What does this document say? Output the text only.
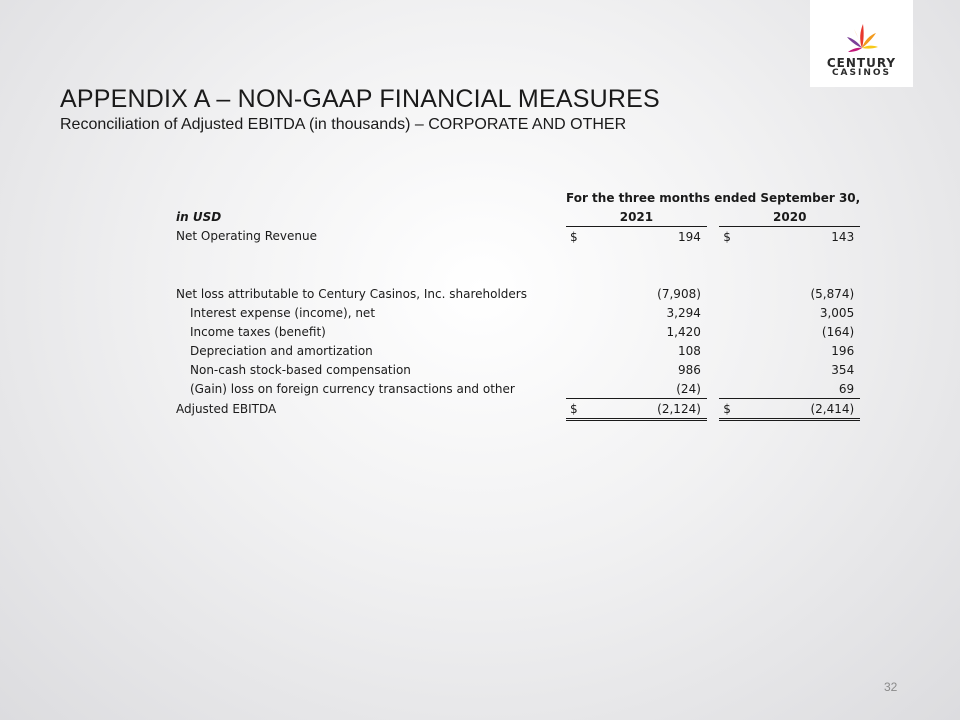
CENTURY
CASINOS
APPENDIX A – NON-GAAP FINANCIAL MEASURES
Reconciliation of Adjusted EBITDA (in thousands) – CORPORATE AND OTHER
	For the three months ended September 30,				
in USD	2021			2020	
Net Operating Revenue	$	194		$	143

Net loss attributable to Century Casinos, Inc. shareholders		(7,908)			(5,874)
Interest expense (income), net		3,294			3,005
Income taxes (benefit)		1,420			(164)
Depreciation and amortization		108			196
Non-cash stock-based compensation		986			354
(Gain) loss on foreign currency transactions and other		(24)			69
Adjusted EBITDA	$	(2,124)		$	(2,414)
32
